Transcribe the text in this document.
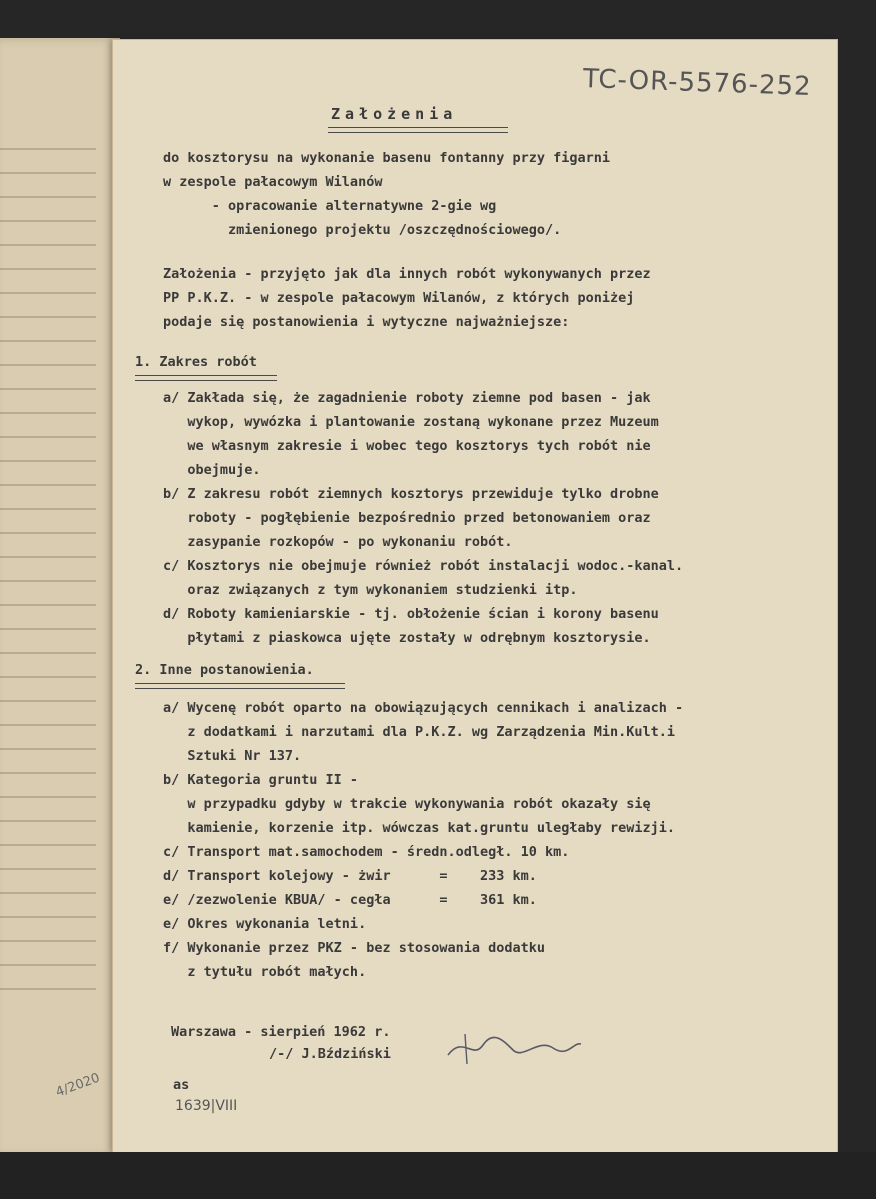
4/2020
TC-OR-5576-252
Założenia
do kosztorysu na wykonanie basenu fontanny przy figarni
w zespole pałacowym Wilanów
- opracowanie alternatywne 2-gie wg
zmienionego projektu /oszczędnościowego/.
Założenia - przyjęto jak dla innych robót wykonywanych przez
PP P.K.Z. - w zespole pałacowym Wilanów, z których poniżej
podaje się postanowienia i wytyczne najważniejsze:
1. Zakres robót
a/ Zakłada się, że zagadnienie roboty ziemne pod basen - jak
wykop, wywózka i plantowanie zostaną wykonane przez Muzeum
we własnym zakresie i wobec tego kosztorys tych robót nie
obejmuje.
b/ Z zakresu robót ziemnych kosztorys przewiduje tylko drobne
roboty - pogłębienie bezpośrednio przed betonowaniem oraz
zasypanie rozkopów - po wykonaniu robót.
c/ Kosztorys nie obejmuje również robót instalacji wodoc.-kanal.
oraz związanych z tym wykonaniem studzienki itp.
d/ Roboty kamieniarskie - tj. obłożenie ścian i korony basenu
płytami z piaskowca ujęte zostały w odrębnym kosztorysie.
2. Inne postanowienia.
a/ Wycenę robót oparto na obowiązujących cennikach i analizach -
z dodatkami i narzutami dla P.K.Z. wg Zarządzenia Min.Kult.i
Sztuki Nr 137.
b/ Kategoria gruntu II -
w przypadku gdyby w trakcie wykonywania robót okazały się
kamienie, korzenie itp. wówczas kat.gruntu uległaby rewizji.
c/ Transport mat.samochodem - średn.odległ. 10 km.
d/ Transport kolejowy - żwir      =    233 km.
e/ /zezwolenie KBUA/ - cegła      =    361 km.
e/ Okres wykonania letni.
f/ Wykonanie przez PKZ - bez stosowania dodatku
z tytułu robót małych.
Warszawa - sierpień 1962 r.
/-/ J.Bździński
as
1639|VIII
